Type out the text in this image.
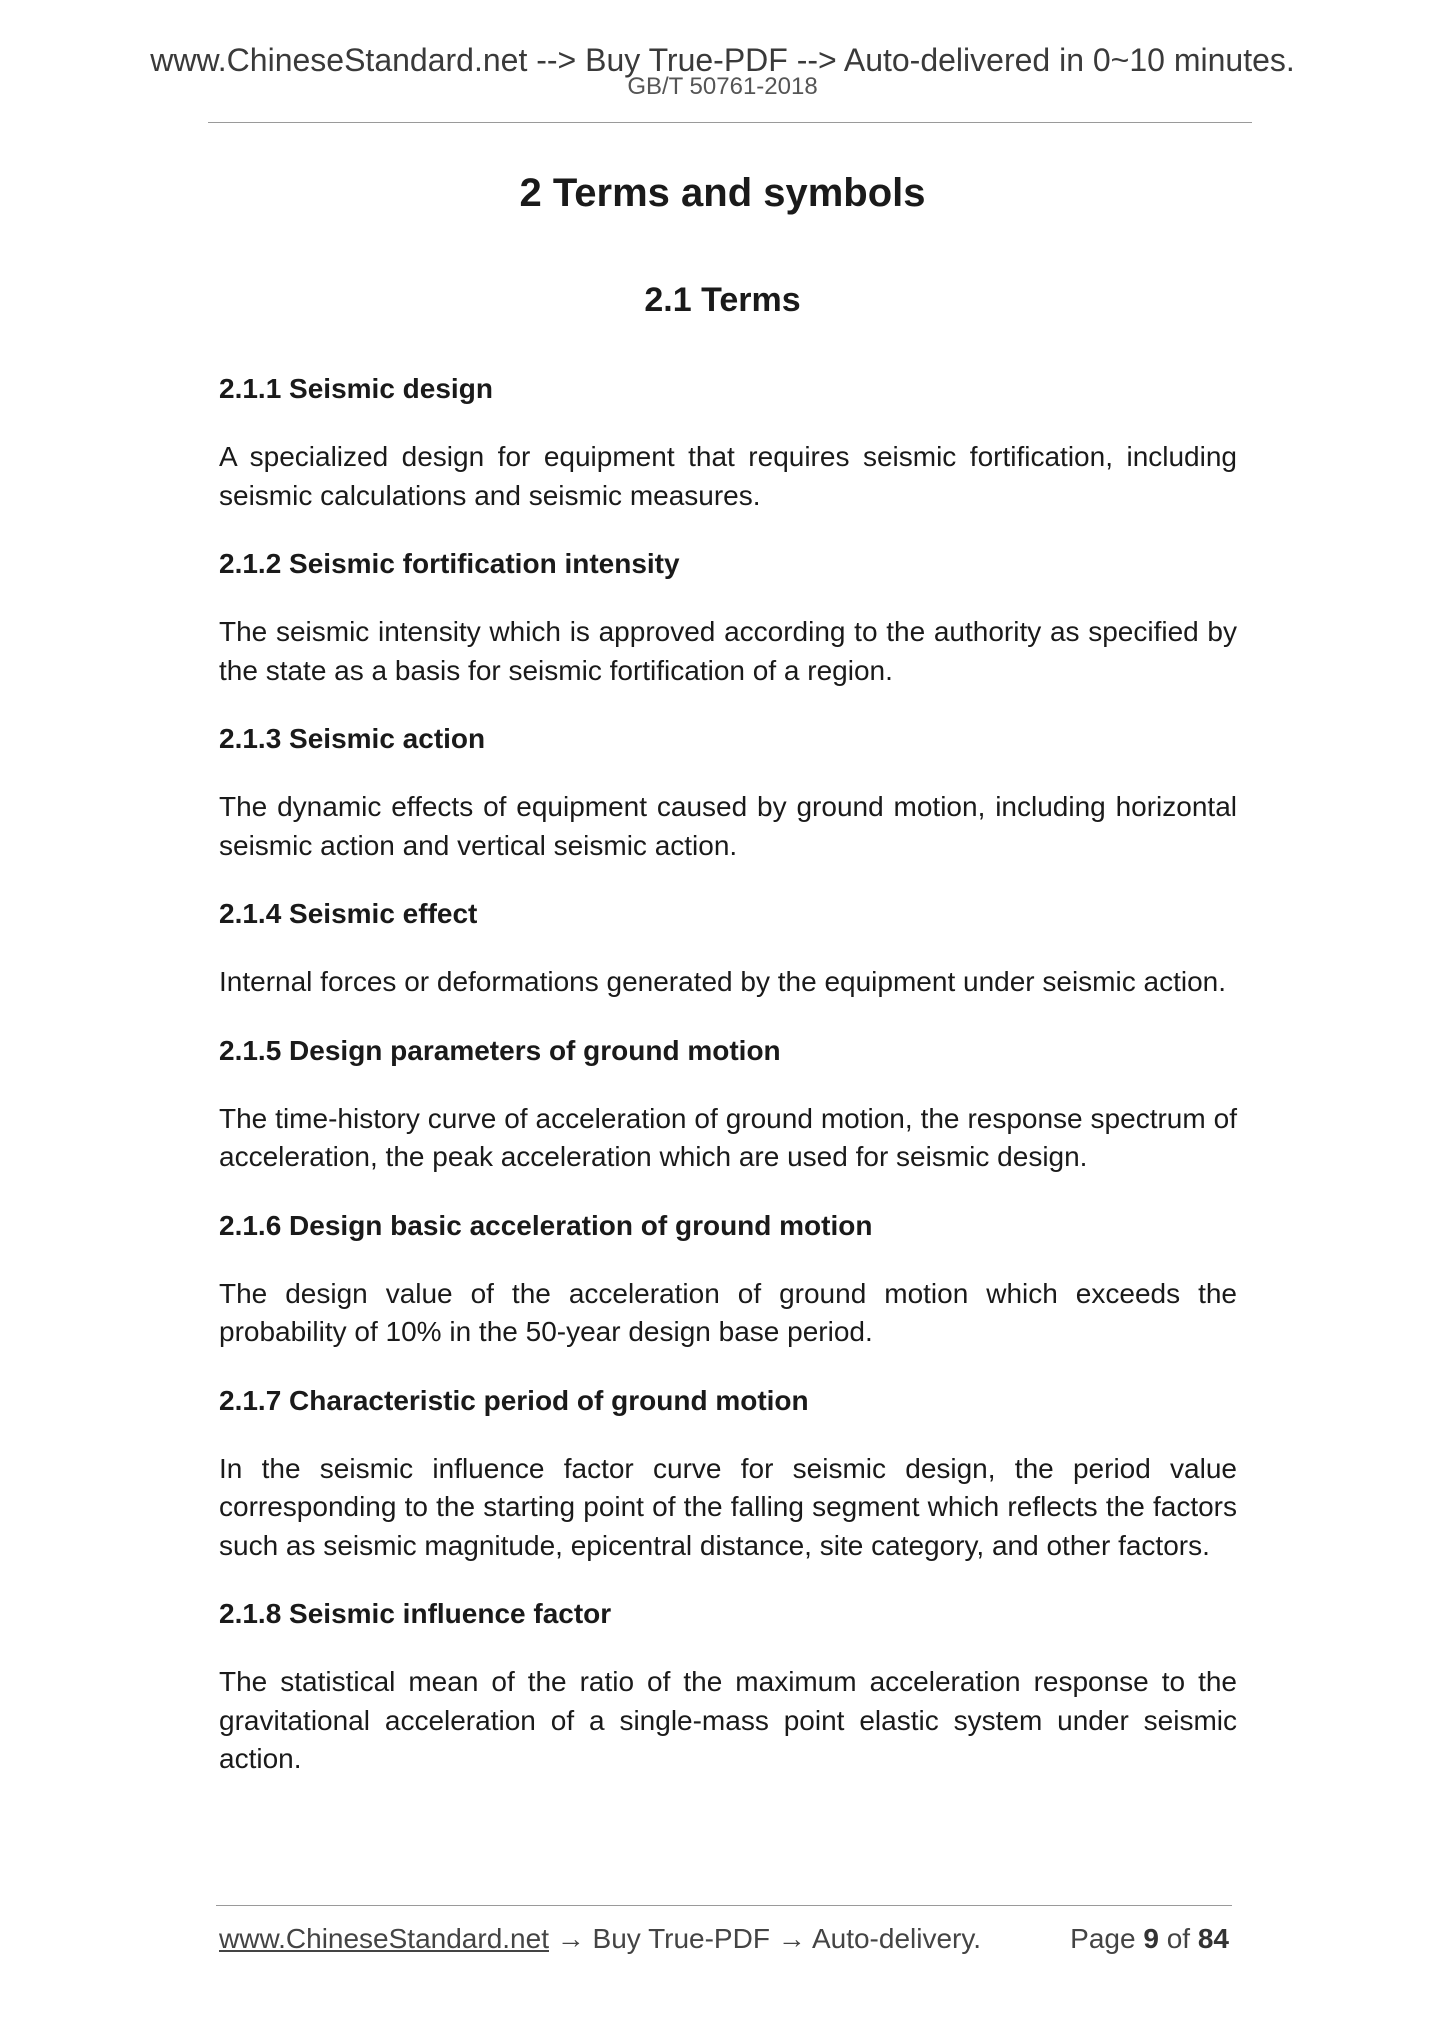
www.ChineseStandard.net --> Buy True-PDF --> Auto-delivered in 0~10 minutes.
GB/T 50761-2018
2 Terms and symbols
2.1 Terms
2.1.1 Seismic design
A specialized design for equipment that requires seismic fortification, including seismic calculations and seismic measures.
2.1.2 Seismic fortification intensity
The seismic intensity which is approved according to the authority as specified by the state as a basis for seismic fortification of a region.
2.1.3 Seismic action
The dynamic effects of equipment caused by ground motion, including horizontal seismic action and vertical seismic action.
2.1.4 Seismic effect
Internal forces or deformations generated by the equipment under seismic action.
2.1.5 Design parameters of ground motion
The time-history curve of acceleration of ground motion, the response spectrum of acceleration, the peak acceleration which are used for seismic design.
2.1.6 Design basic acceleration of ground motion
The design value of the acceleration of ground motion which exceeds the probability of 10% in the 50-year design base period.
2.1.7 Characteristic period of ground motion
In the seismic influence factor curve for seismic design, the period value corresponding to the starting point of the falling segment which reflects the factors such as seismic magnitude, epicentral distance, site category, and other factors.
2.1.8 Seismic influence factor
The statistical mean of the ratio of the maximum acceleration response to the gravitational acceleration of a single-mass point elastic system under seismic action.
www.ChineseStandard.net → Buy True-PDF → Auto-delivery.	Page 9 of 84
